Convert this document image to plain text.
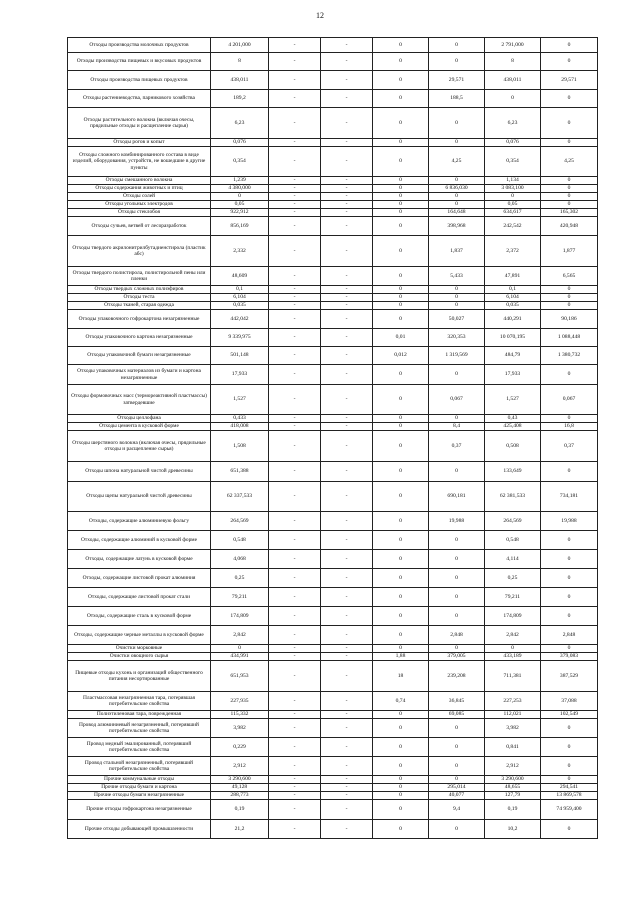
12
Отходы производства молочных продуктов	4 201,000	-	-	0	0	2 791,000	0
Отходы производства пищевых и вкусовых продуктов	8	-	-	0	0	8	0
Отходы производства пищевых продуктов	438,011	-	-	0	29,571	438,011	29,571
Отходы растениеводства, парникового хозяйства	189,2	-	-	0	188,5	0	0
Отходы растительного волокна (включая очесы, прядильные отходы и расщепление сырья)	6,23	-	-	0	0	6,23	0
Отходы рогов и копыт	0,076	-	-	0	0	0,076	0
Отходы сложного комбинированного состава в виде изделий, оборудования, устройств, не вошедшие в другие пункты	0,354	-	-	0	4,25	0,354	4,25
Отходы смешанного волокна	1,239	-	-	0	0	1,134	0
Отходы содержания животных и птиц	4 380,000	-	-	0	6 836,030	3 083,100	0
Отходы солей	0	-	-	0	0	0	0
Отходы угольных электродов	0,05	-	-	0	0	0,05	0
Отходы стеклобоя	922,912	-	-	0	164,648	634,617	165,302
Отходы сучьев, ветвей от лесоразработок	856,169	-	-	0	398,968	242,542	420,948
Отходы твердого акрилонитрилбутадиенстирола (пластик абс)	2,332	-	-	0	1,837	2,372	1,877
Отходы твердого полистирола, полистирольной пены или пленки	48,609	-	-	0	5,433	47,891	6,565
Отходы твердых сложных полиэфиров	0,1	-	-	0	0	0,1	0
Отходы теста	6,104	-	-	0	0	6,104	0
Отходы тканей, старая одежда	0,035	-	-	0	0	0,035	0
Отходы упаковочного гофрокартона незагрязненные	442,042	-	-	0	50,027	440,291	90,186
Отходы упаковочного картона незагрязненные	9 339,975	-	-	0,01	320,353	10 070,195	1 088,448
Отходы упаковочной бумаги незагрязненные	501,148	-	-	0,012	1 319,569	484,79	1 380,732
Отходы упаковочных материалов из бумаги и картона незагрязненные	17,933	-	-	0	0	17,933	0
Отходы формовочных масс (термореактивной пластмассы) затвердевшие	1,527	-	-	0	0,067	1,527	0,067
Отходы целлофана	0,433	-	-	0	0	0,43	0
Отходы цемента в кусковой форме	418,008	-	-	0	8,4	425,408	16,8
Отходы шерстяного волокна (включая очесы, прядильные отходы и расщепление сырья)	1,508	-	-	0	0,37	0,508	0,37
Отходы шпона натуральной чистой древесины	651,388	-	-	0	0	133,649	0
Отходы щепы натуральной чистой древесины	62 337,533	-	-	0	690,181	62 381,533	734,181
Отходы, содержащие алюминиевую фольгу	264,569	-	-	0	19,988	264,569	19,988
Отходы, содержащие алюминий в кусковой форме	0,548	-	-	0	0	0,548	0
Отходы, содержащие латунь в кусковой форме	4,068	-	-	0	0	4,114	0
Отходы, содержащие листовой прокат алюминия	0,25	-	-	0	0	0,25	0
Отходы, содержащие листовой прокат стали	79,211	-	-	0	0	79,211	0
Отходы, содержащие сталь в кусковой форме	174,809	-	-	0	0	174,809	0
Отходы, содержащие черные металлы в кусковой форме	2,842	-	-	0	2,848	2,842	2,848
Очистки морковные	0	-	-	0	0	0	0
Очистки овощного сырья	434,991	-	-	1,88	379,005	433,189	379,083
Пищевые отходы кухонь и организаций общественного питания несортированные	651,953	-	-	18	239,208	711,381	387,529
Пластмассовая незагрязненная тара, потерявшая потребительские свойства	227,935	-	-	0,74	36,845	227,253	37,088
Полиэтиленовая тара, поврежденная	115,332	-	-	0	69,085	112,021	102,549
Провод алюминиевый незагрязненный, потерявший потребительские свойства	3,982	-	-	0	0	3,982	0
Провод медный эмалированный, потерявший потребительские свойства	0,229	-	-	0	0	0,841	0
Провод стальной незагрязненный, потерявший потребительские свойства	2,912	-	-	0	0	2,912	0
Прочие коммунальные отходы	3 290,600	-	-	0	0	3 290,600	0
Прочие отходы бумаги и картона	49,128	-	-	0	295,014	48,655	294,541
Прочие отходы бумаги незагрязненные	288,773	-	-	0	40,077	127,79	13 869,578
Прочие отходы гофрокартона незагрязненные	0,19	-	-	0	9,4	0,19	74 959,400
Прочие отходы добывающей промышленности	21,2	-	-	0	0	10,2	0
